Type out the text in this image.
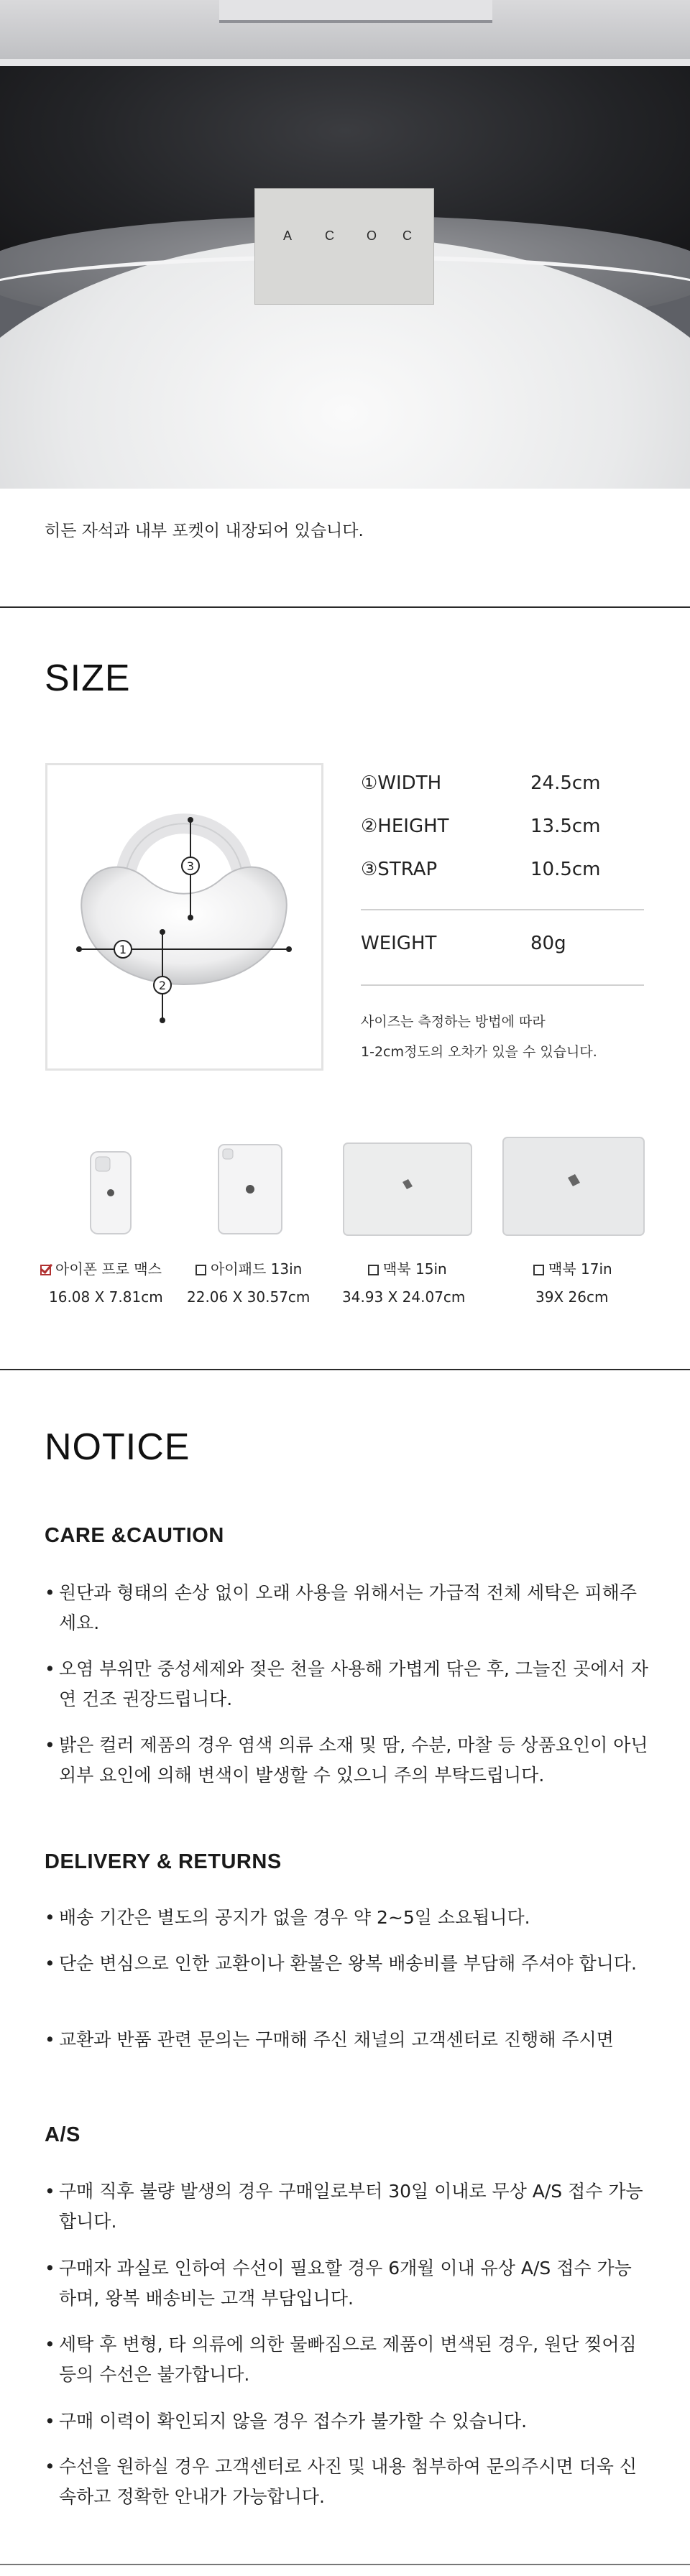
A C O C
히든 자석과 내부 포켓이 내장되어 있습니다.
SIZE
1
2
3
①WIDTH	24.5cm
②HEIGHT	13.5cm
③STRAP	10.5cm
WEIGHT	80g
사이즈는 측정하는 방법에 따라
1-2cm정도의 오차가 있을 수 있습니다.
아이폰 프로 맥스
16.08 X 7.81cm
아이패드 13in
22.06 X 30.57cm
맥북 15in
34.93 X 24.07cm
맥북 17in
39X 26cm
NOTICE
CARE &CAUTION
• 원단과 형태의 손상 없이 오래 사용을 위해서는 가급적 전체 세탁은 피해주세요.
• 오염 부위만 중성세제와 젖은 천을 사용해 가볍게 닦은 후, 그늘진 곳에서 자연 건조 권장드립니다.
• 밝은 컬러 제품의 경우 염색 의류 소재 및 땀, 수분, 마찰 등 상품요인이 아닌 외부 요인에 의해 변색이 발생할 수 있으니 주의 부탁드립니다.
DELIVERY & RETURNS
• 배송 기간은 별도의 공지가 없을 경우 약 2~5일 소요됩니다.
• 단순 변심으로 인한 교환이나 환불은 왕복 배송비를 부담해 주셔야 합니다.
• 교환과 반품 관련 문의는 구매해 주신 채널의 고객센터로 진행해 주시면
A/S
• 구매 직후 불량 발생의 경우 구매일로부터 30일 이내로 무상 A/S 접수 가능합니다.
• 구매자 과실로 인하여 수선이 필요할 경우 6개월 이내 유상 A/S 접수 가능하며, 왕복 배송비는 고객 부담입니다.
• 세탁 후 변형, 타 의류에 의한 물빠짐으로 제품이 변색된 경우, 원단 찢어짐 등의 수선은 불가합니다.
• 구매 이력이 확인되지 않을 경우 접수가 불가할 수 있습니다.
• 수선을 원하실 경우 고객센터로 사진 및 내용 첨부하여 문의주시면 더욱 신속하고 정확한 안내가 가능합니다.
